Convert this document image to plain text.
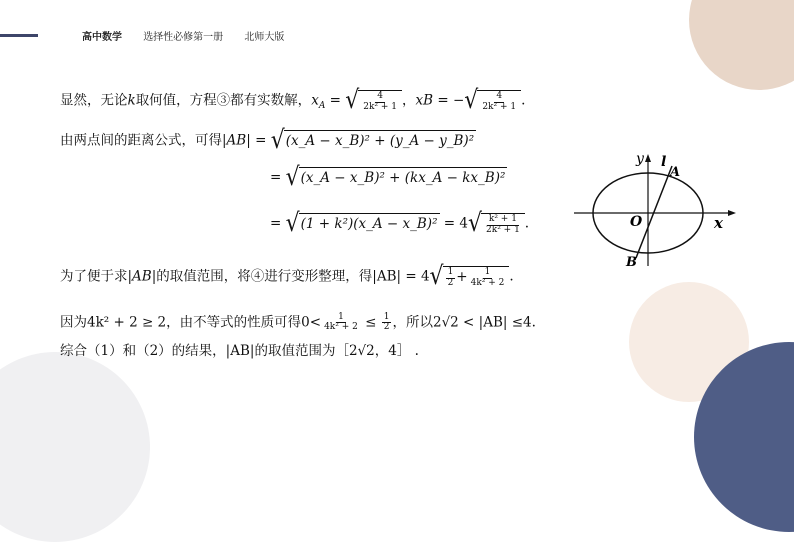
高中数学 选择性必修第一册 北师大版
显然，无论k取何值，方程③都有实数解，$x_A$ = √ $\frac{4}{\text{2k² + 1}}$ ，xB = − √ $\frac{4}{\text{2k² + 1}}$ .
由两点间的距离公式，可得|AB| = √ (x_A − x_B)² + (y_A − y_B)²
= √ (x_A − x_B)² + (kx_A − kx_B)²
= √ (1 + k²)(x_A − x_B)² = 4 √ $\frac{\text{k² + 1}}{\text{2k² + 1}}$ .
为了便于求|AB|的取值范围，将④进行变形整理，得|AB| = 4 √ $\frac{1}{2} + \frac{1}{\text{4k² + 2}}$ .
因为4k² + 2 ≥ 2，由不等式的性质可得$0< \frac{1}{\text{4k² + 2}} \le \frac{1}{2}$ ，所以2√2 < |AB| ≤4.
综合（1）和（2）的结果，|AB|的取值范围为［2√2，4］ .
y l
A
O	x
B
